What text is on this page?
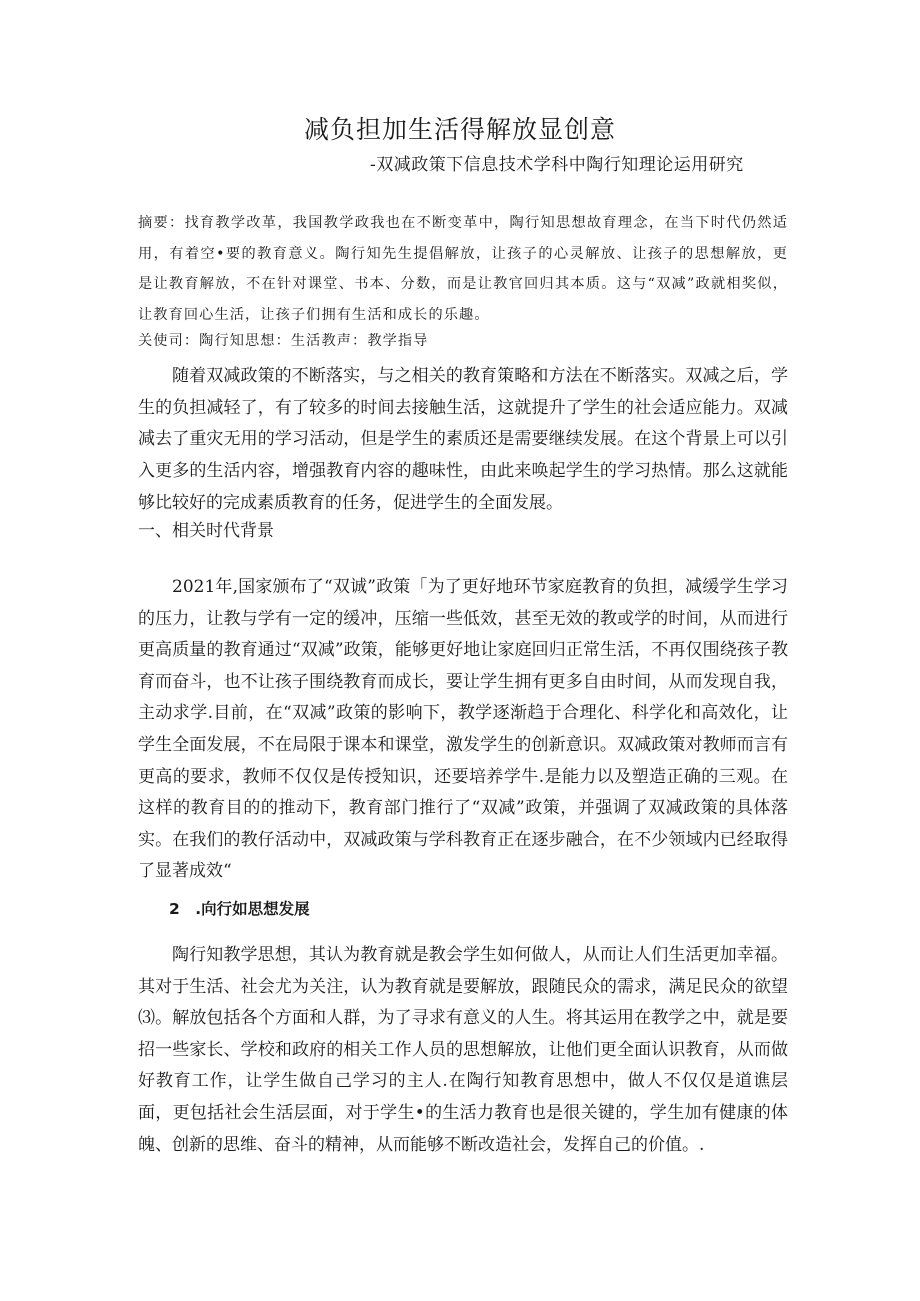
减负担加生活得解放显创意
-双减政策下信息技术学科中陶行知理论运用研究
摘要：找育教学改革，我国教学政我也在不断变革中，陶行知思想故育理念，在当下时代仍然适用，有着空•要的教育意义。陶行知先生提倡解放，让孩子的心灵解放、让孩子的思想解放，更是让教育解放，不在针对课堂、书本、分数，而是让教官回归其本质。这与“双减”政就相奖似，让教育回心生活，让孩子们拥有生活和成长的乐趣。
关使司：陶行知思想：生活教声：教学指导

随着双减政策的不断落实，与之相关的教育策略和方法在不断落实。双减之后，学生的负担减轻了，有了较多的时间去接触生活，这就提升了学生的社会适应能力。双减减去了重灾无用的学习活动，但是学生的素质还是需要继续发展。在这个背景上可以引入更多的生活内容，增强教育内容的趣味性，由此来唤起学生的学习热情。那么这就能够比较好的完成素质教育的任务，促进学生的全面发展。

一、相关时代背景

2021年,国家颁布了“双诚”政策「为了更好地环节家庭教育的负担，减缓学生学习的压力，让教与学有一定的缓冲，压缩一些低效，甚至无效的教或学的时间，从而进行更高质量的教育通过“双减”政策，能够更好地让家庭回归正常生活，不再仅围绕孩子教育而奋斗，也不让孩子围绕教育而成长，要让学生拥有更多自由时间，从而发现自我，主动求学.目前，在“双减”政策的影响下，教学逐渐趋于合理化、科学化和高效化，让学生全面发展，不在局限于课本和课堂，激发学生的创新意识。双减政策对教师而言有更高的要求，教师不仅仅是传授知识，还要培养学牛.是能力以及塑造正确的三观。在这样的教育目的的推动下，教育部门推行了“双减”政策，并强调了双减政策的具体落实。在我们的教仔活动中，双减政策与学科教育正在逐步融合，在不少领域内已经取得了显著成效“

2　.向行如思想发展

陶行知教学思想，其认为教育就是教会学生如何做人，从而让人们生活更加幸福。其对于生活、社会尤为关注，认为教育就是要解放，跟随民众的需求，满足民众的欲望⑶。解放包括各个方面和人群，为了寻求有意义的人生。将其运用在教学之中，就是要招一些家长、学校和政府的相关工作人员的思想解放，让他们更全面认识教育，从而做好教育工作，让学生做自己学习的主人.在陶行知教育思想中，做人不仅仅是道谯层面，更包括社会生活层面，对于学生•的生活力教育也是很关键的，学生加有健康的体魄、创新的思维、奋斗的精神，从而能够不断改造社会，发挥自己的价值。.
